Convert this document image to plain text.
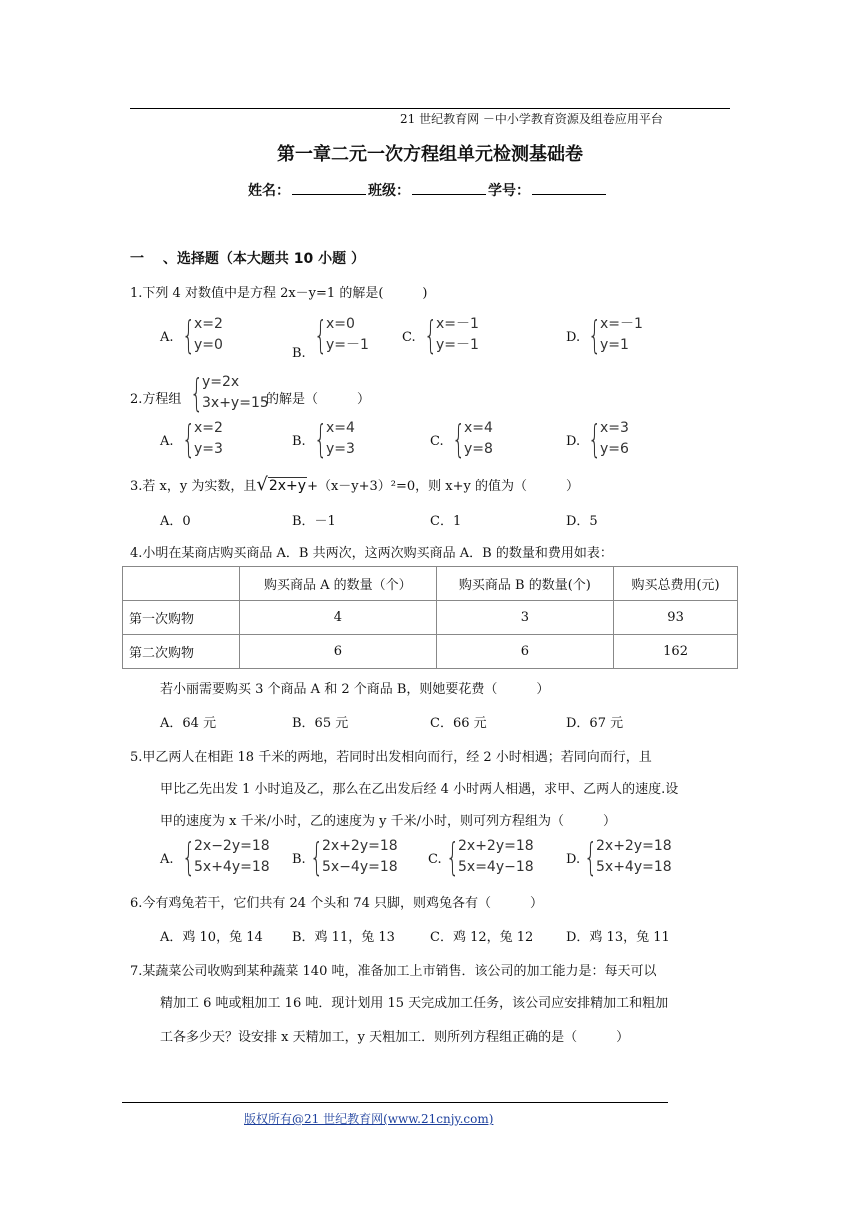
21 世纪教育网 －中小学教育资源及组卷应用平台
第一章二元一次方程组单元检测基础卷
姓名：	班级：	学号：
一　 、选择题（本大题共 10 小题 ）
1.下列 4 对数值中是方程 2x－y=1 的解是(　　　)
A. {
x=2
y=0
B. {
x=0
y=－1	C. {
x=－1
y=－1	D. {
x=－1
y=1
2.方程组 {
y=2x
3x+y=15
的解是（　　　）
A. {
x=2
y=3	B. {
x=4
y=3	C. {
x=4
y=8	D. {
x=3
y=6
3.若 x，y 为实数，且√2x+y+（x－y+3）²=0，则 x+y 的值为（　　　）
A．0	B．－1	C．1	D．5
4.小明在某商店购买商品 A．B 共两次，这两次购买商品 A．B 的数量和费用如表：
	购买商品 A 的数量（个）	购买商品 B 的数量(个)	购买总费用(元)
第一次购物	4	3	93
第二次购物	6	6	162
若小丽需要购买 3 个商品 A 和 2 个商品 B，则她要花费（　　　）
A．64 元	B．65 元	C．66 元	D．67 元
5.甲乙两人在相距 18 千米的两地，若同时出发相向而行，经 2 小时相遇；若同向而行，且
甲比乙先出发 1 小时追及乙，那么在乙出发后经 4 小时两人相遇，求甲、乙两人的速度.设
甲的速度为 x 千米/小时，乙的速度为 y 千米/小时，则可列方程组为（　　　）
A. {
2x−2y=18
5x+4y=18 B. {
2x+2y=18
5x−4y=18 C. {
2x+2y=18
5x=4y−18 D. {
2x+2y=18
5x+4y=18
6.今有鸡兔若干，它们共有 24 个头和 74 只脚，则鸡兔各有（　　　）
A．鸡 10，兔 14 B．鸡 11，兔 13	C．鸡 12，兔 12	D．鸡 13，兔 11
7.某蔬菜公司收购到某种蔬菜 140 吨，准备加工上市销售．该公司的加工能力是：每天可以
精加工 6 吨或粗加工 16 吨．现计划用 15 天完成加工任务，该公司应安排精加工和粗加
工各多少天？设安排 x 天精加工，y 天粗加工．则所列方程组正确的是（　　　）
版权所有@21 世纪教育网(www.21cnjy.com)
